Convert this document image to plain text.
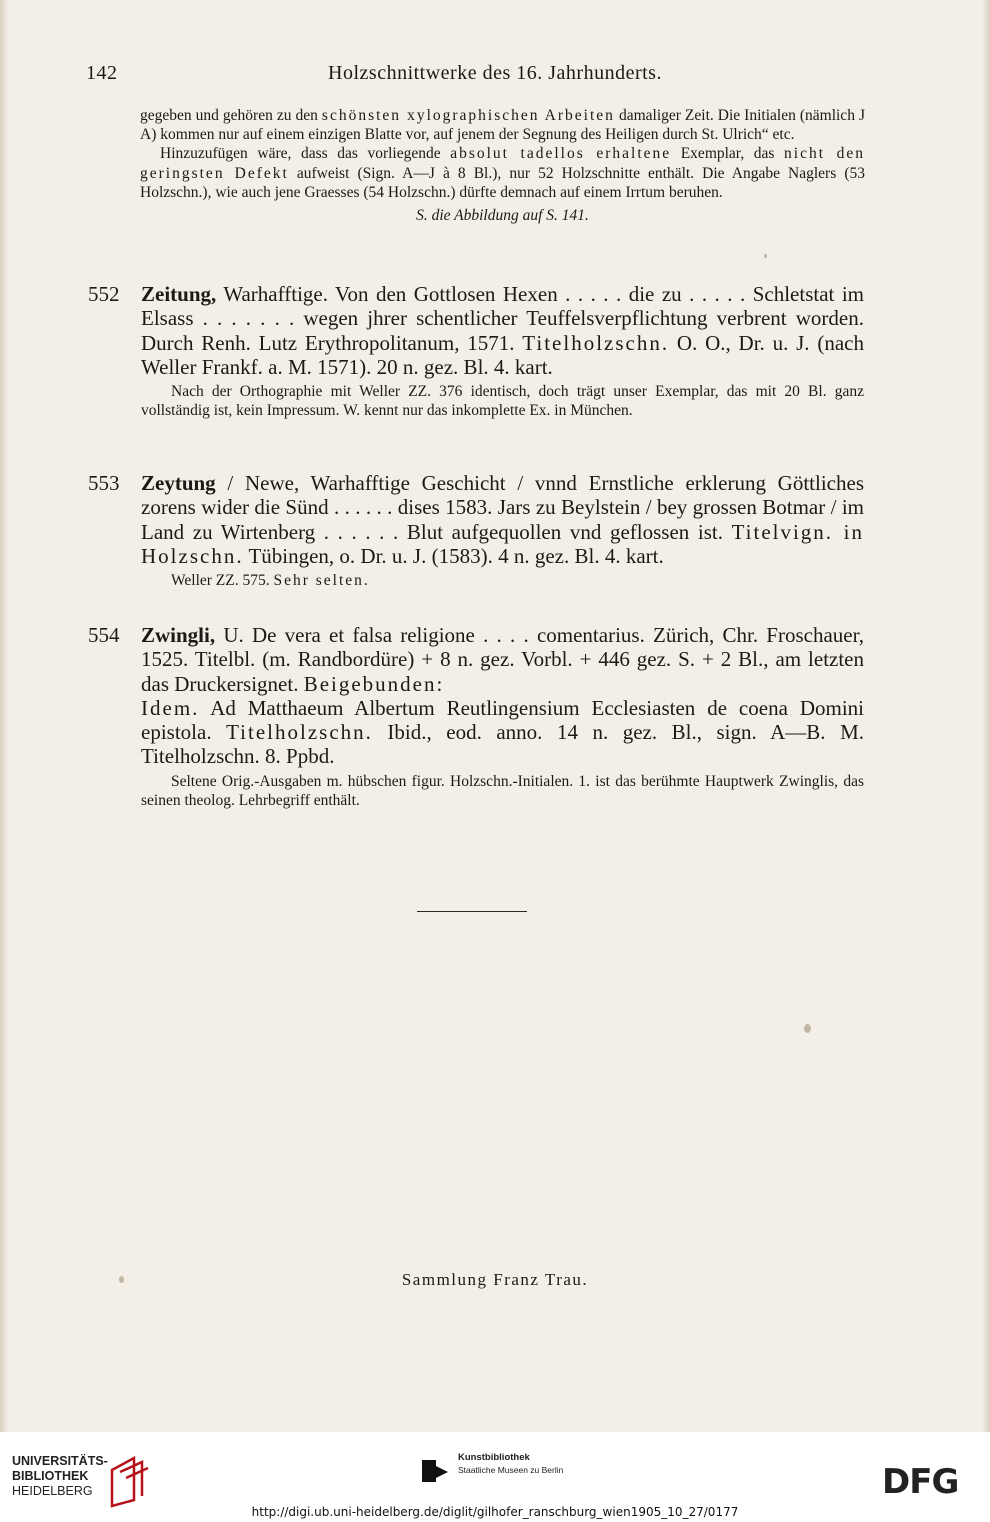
142	Holzschnittwerke des 16. Jahrhunderts.

gegeben und gehören zu den schönsten xylographischen Arbeiten damaliger Zeit. Die Initialen (nämlich J A) kommen nur auf einem einzigen Blatte vor, auf jenem der Segnung des Heiligen durch St. Ulrich“ etc.

Hinzuzufügen wäre, dass das vorliegende absolut tadellos erhaltene Exemplar, das nicht den geringsten Defekt aufweist (Sign. A—J à 8 Bl.), nur 52 Holzschnitte enthält. Die Angabe Naglers (53 Holzschn.), wie auch jene Graesses (54 Holzschn.) dürfte demnach auf einem Irrtum beruhen.

S. die Abbildung auf S. 141.

552 Zeitung, Warhafftige. Von den Gottlosen Hexen . . . . . die zu . . . . . Schletstat im Elsass . . . . . . . wegen jhrer schentlicher Teuffelsverpflichtung verbrent worden. Durch Renh. Lutz Erythropolitanum, 1571. Titelholzschn. O. O., Dr. u. J. (nach Weller Frankf. a. M. 1571). 20 n. gez. Bl. 4. kart.
Nach der Orthographie mit Weller ZZ. 376 identisch, doch trägt unser Exemplar, das mit 20 Bl. ganz vollständig ist, kein Impressum. W. kennt nur das inkomplette Ex. in München.
553 Zeytung / Newe, Warhafftige Geschicht / vnnd Ernstliche erklerung Göttliches zorens wider die Sünd . . . . . . dises 1583. Jars zu Beylstein / bey grossen Botmar / im Land zu Wirtenberg . . . . . . Blut aufgequollen vnd geflossen ist. Titelvign. in Holzschn. Tübingen, o. Dr. u. J. (1583). 4 n. gez. Bl. 4. kart.
Weller ZZ. 575. Sehr selten.
554 Zwingli, U. De vera et falsa religione . . . . comentarius. Zürich, Chr. Froschauer, 1525. Titelbl. (m. Randbordüre) + 8 n. gez. Vorbl. + 446 gez. S. + 2 Bl., am letzten das Druckersignet. Beigebunden:
Idem. Ad Matthaeum Albertum Reutlingensium Ecclesiasten de coena Domini epistola. Titelholzschn. Ibid., eod. anno. 14 n. gez. Bl., sign. A—B. M. Titelholzschn. 8. Ppbd.
Seltene Orig.-Ausgaben m. hübschen figur. Holzschn.-Initialen. 1. ist das berühmte Hauptwerk Zwinglis, das seinen theolog. Lehrbegriff enthält.
Sammlung Franz Trau.
UNIVERSITÄTS-
BIBLIOTHEK
HEIDELBERG
Kunstbibliothek
Staatliche Museen zu Berlin	DFG
http://digi.ub.uni-heidelberg.de/diglit/gilhofer_ranschburg_wien1905_10_27/0177
